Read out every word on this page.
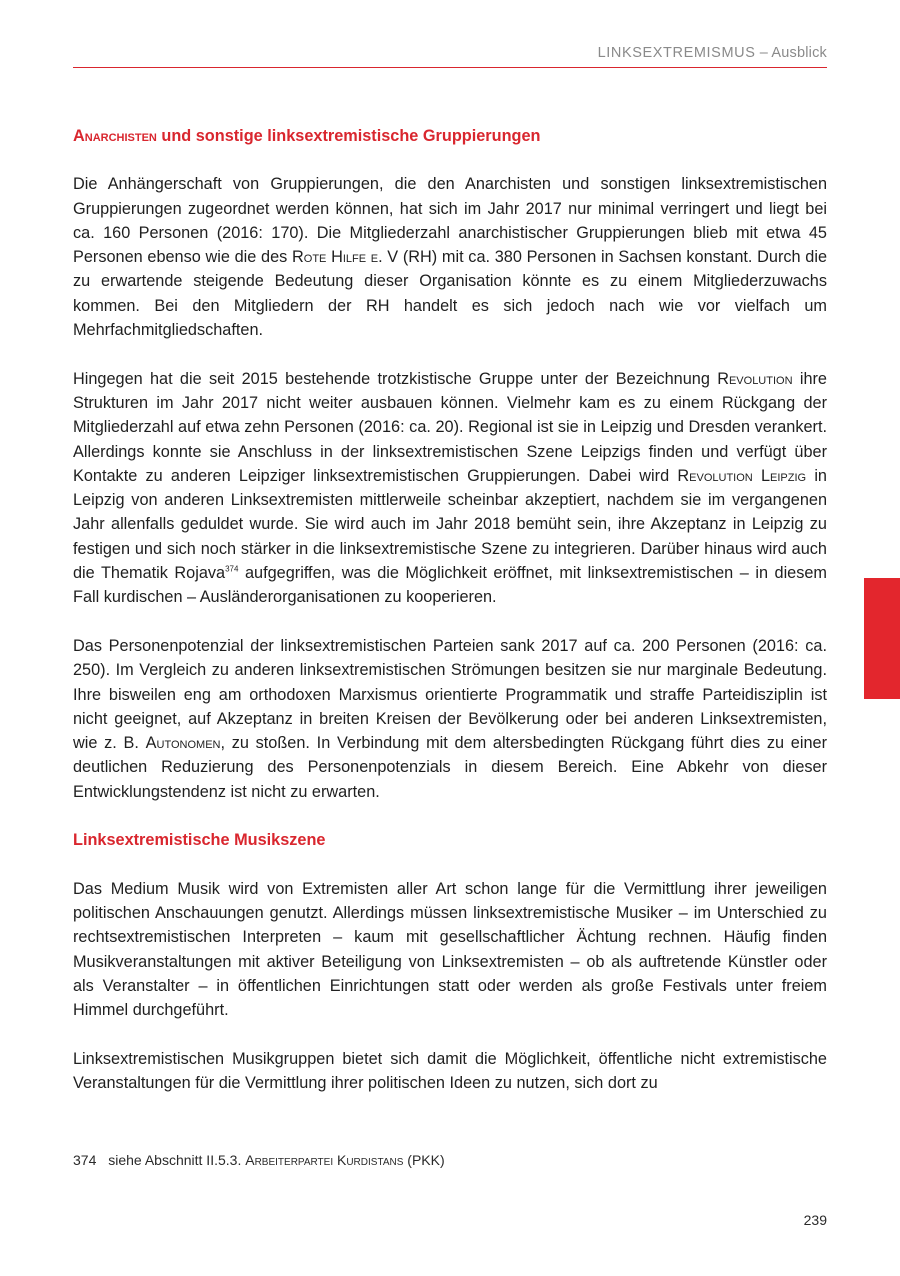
LINKSEXTREMISMUS – Ausblick
Anarchisten und sonstige linksextremistische Gruppierungen

Die Anhängerschaft von Gruppierungen, die den Anarchisten und sonstigen linksextremistischen Gruppierungen zugeordnet werden können, hat sich im Jahr 2017 nur minimal verringert und liegt bei ca. 160 Personen (2016: 170). Die Mitgliederzahl anarchistischer Gruppierungen blieb mit etwa 45 Personen ebenso wie die des Rote Hilfe e. V (RH) mit ca. 380 Personen in Sachsen konstant. Durch die zu erwartende steigende Bedeutung dieser Organisation könnte es zu einem Mitgliederzuwachs kommen. Bei den Mitgliedern der RH handelt es sich jedoch nach wie vor vielfach um Mehrfachmitgliedschaften.

Hingegen hat die seit 2015 bestehende trotzkistische Gruppe unter der Bezeichnung Revolution ihre Strukturen im Jahr 2017 nicht weiter ausbauen können. Vielmehr kam es zu einem Rückgang der Mitgliederzahl auf etwa zehn Personen (2016: ca. 20). Regional ist sie in Leipzig und Dresden verankert. Allerdings konnte sie Anschluss in der linksextremistischen Szene Leipzigs finden und verfügt über Kontakte zu anderen Leipziger linksextremistischen Gruppierungen. Dabei wird Revolution Leipzig in Leipzig von anderen Linksextremisten mittlerweile scheinbar akzeptiert, nachdem sie im vergangenen Jahr allenfalls geduldet wurde. Sie wird auch im Jahr 2018 bemüht sein, ihre Akzeptanz in Leipzig zu festigen und sich noch stärker in die linksextremistische Szene zu integrieren. Darüber hinaus wird auch die Thematik Rojava$^{374}$ aufgegriffen, was die Möglichkeit eröffnet, mit linksextremistischen – in diesem Fall kurdischen – Ausländerorganisationen zu kooperieren.

Das Personenpotenzial der linksextremistischen Parteien sank 2017 auf ca. 200 Personen (2016: ca. 250). Im Vergleich zu anderen linksextremistischen Strömungen besitzen sie nur marginale Bedeutung. Ihre bisweilen eng am orthodoxen Marxismus orientierte Programmatik und straffe Parteidisziplin ist nicht geeignet, auf Akzeptanz in breiten Kreisen der Bevölkerung oder bei anderen Linksextremisten, wie z. B. Autonomen, zu stoßen. In Verbindung mit dem altersbedingten Rückgang führt dies zu einer deutlichen Reduzierung des Personenpotenzials in diesem Bereich. Eine Abkehr von dieser Entwicklungstendenz ist nicht zu erwarten.

Linksextremistische Musikszene

Das Medium Musik wird von Extremisten aller Art schon lange für die Vermittlung ihrer jeweiligen politischen Anschauungen genutzt. Allerdings müssen linksextremistische Musiker – im Unterschied zu rechtsextremistischen Interpreten – kaum mit gesellschaftlicher Ächtung rechnen. Häufig finden Musikveranstaltungen mit aktiver Beteiligung von Linksextremisten – ob als auftretende Künstler oder als Veranstalter – in öffentlichen Einrichtungen statt oder werden als große Festivals unter freiem Himmel durchgeführt.

Linksextremistischen Musikgruppen bietet sich damit die Möglichkeit, öffentliche nicht extremistische Veranstaltungen für die Vermittlung ihrer politischen Ideen zu nutzen, sich dort zu

374 siehe Abschnitt II.5.3. Arbeiterpartei Kurdistans (PKK)
239
